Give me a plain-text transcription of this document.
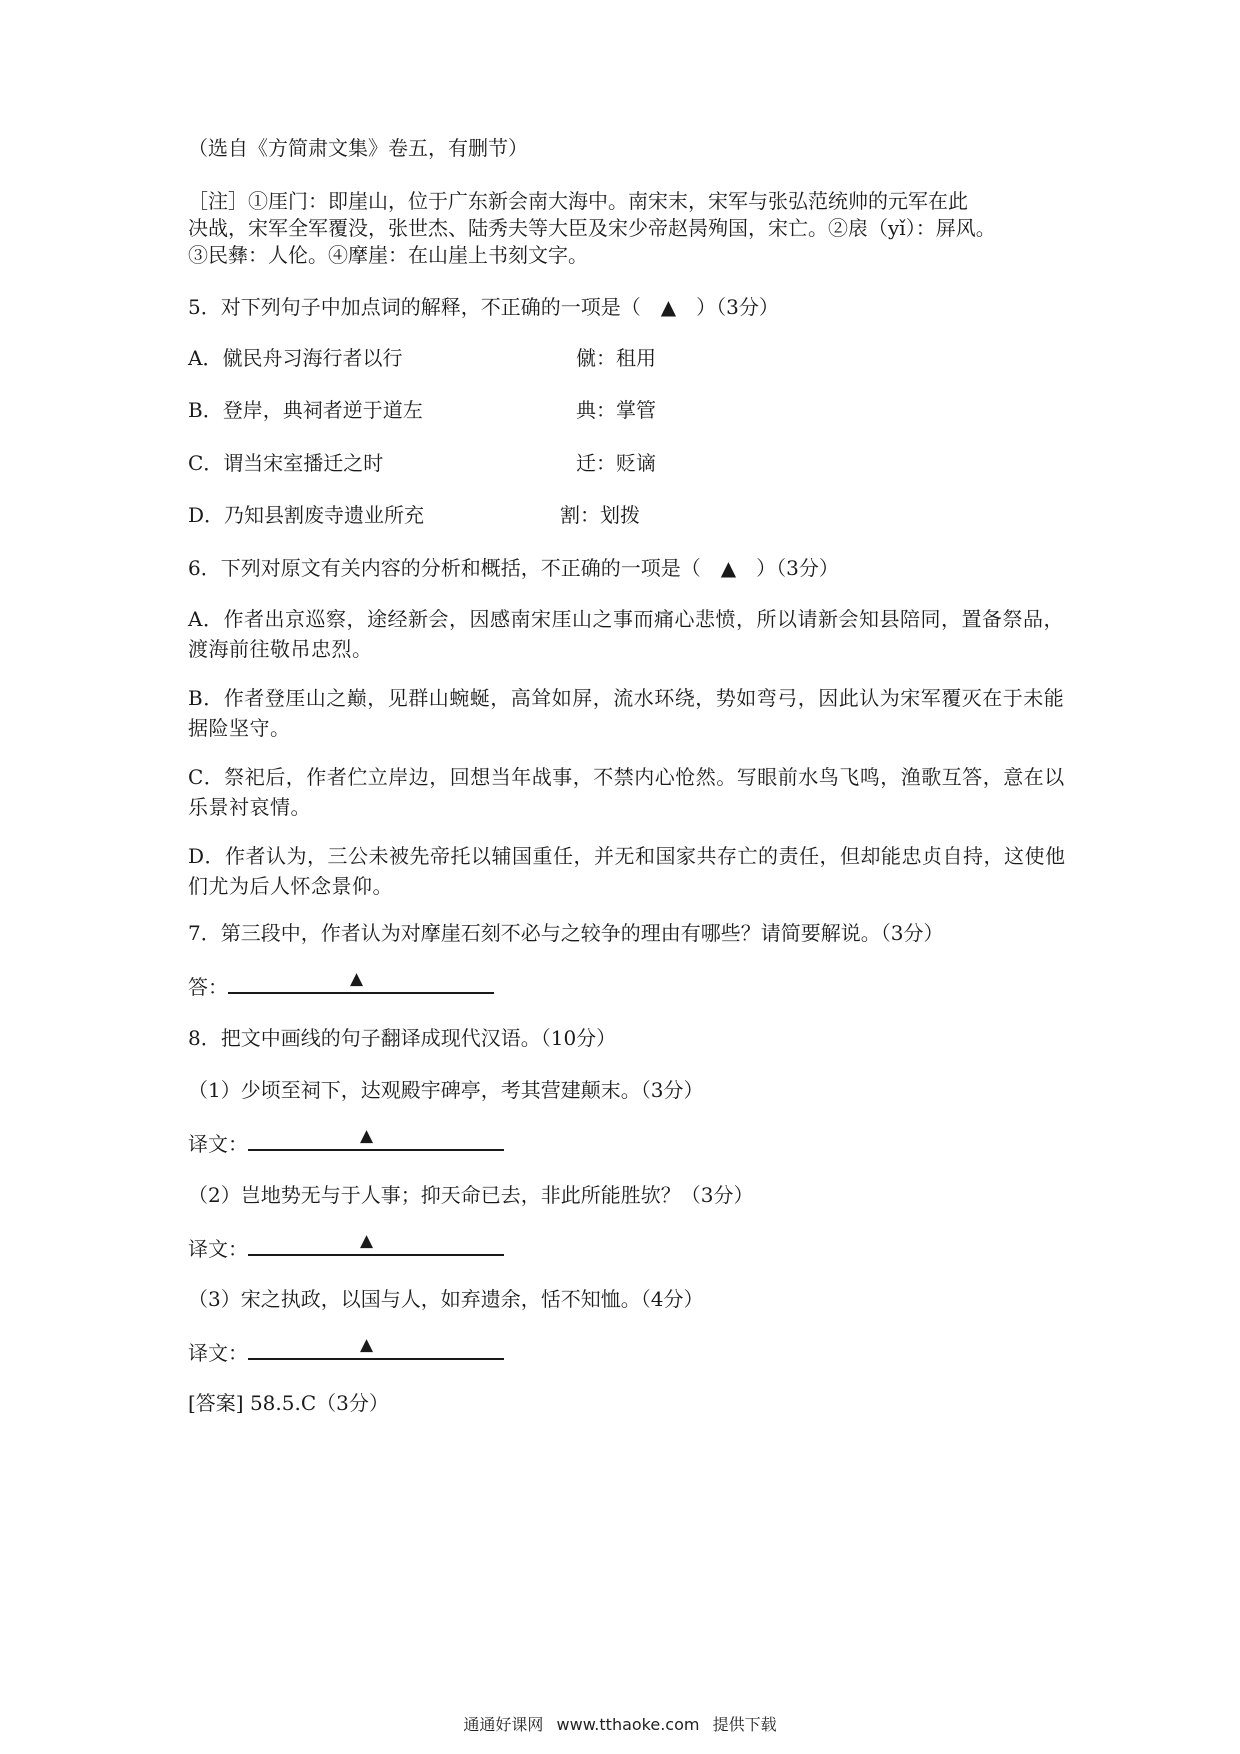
（选自《方简肃文集》卷五，有删节）
［注］①厓门：即崖山，位于广东新会南大海中。南宋末，宋军与张弘范统帅的元军在此
决战，宋军全军覆没，张世杰、陆秀夫等大臣及宋少帝赵昺殉国，宋亡。②扆（yǐ）：屏风。
③民彝：人伦。④摩崖：在山崖上书刻文字。
5．对下列句子中加点词的解释，不正确的一项是（　▲　）（3分）
A．僦民舟习海行者以行	僦：租用
B．登岸，典祠者逆于道左	典：掌管
C．谓当宋室播迁之时	迁：贬谪
D．乃知县割废寺遗业所充	割：划拨
6．下列对原文有关内容的分析和概括，不正确的一项是（　▲　）（3分）
A．作者出京巡察，途经新会，因感南宋厓山之事而痛心悲愤，所以请新会知县陪同，置备祭品，渡海前往敬吊忠烈。
B．作者登厓山之巅，见群山蜿蜒，高耸如屏，流水环绕，势如弯弓，因此认为宋军覆灭在于未能据险坚守。
C．祭祀后，作者伫立岸边，回想当年战事，不禁内心怆然。写眼前水鸟飞鸣，渔歌互答，意在以乐景衬哀情。
D．作者认为，三公未被先帝托以辅国重任，并无和国家共存亡的责任，但却能忠贞自持，这使他们尤为后人怀念景仰。
7．第三段中，作者认为对摩崖石刻不必与之较争的理由有哪些？请简要解说。（3分）
答：	▲
8．把文中画线的句子翻译成现代汉语。（10分）
（1）少顷至祠下，达观殿宇碑亭，考其营建颠末。（3分）
译文：	▲
（2）岂地势无与于人事；抑天命已去，非此所能胜欤？（3分）
译文：	▲
（3）宋之执政，以国与人，如弃遗余，恬不知恤。（4分）
译文：	▲
[答案] 58.5.C（3分）
通通好课网 www.tthaoke.com 提供下载
